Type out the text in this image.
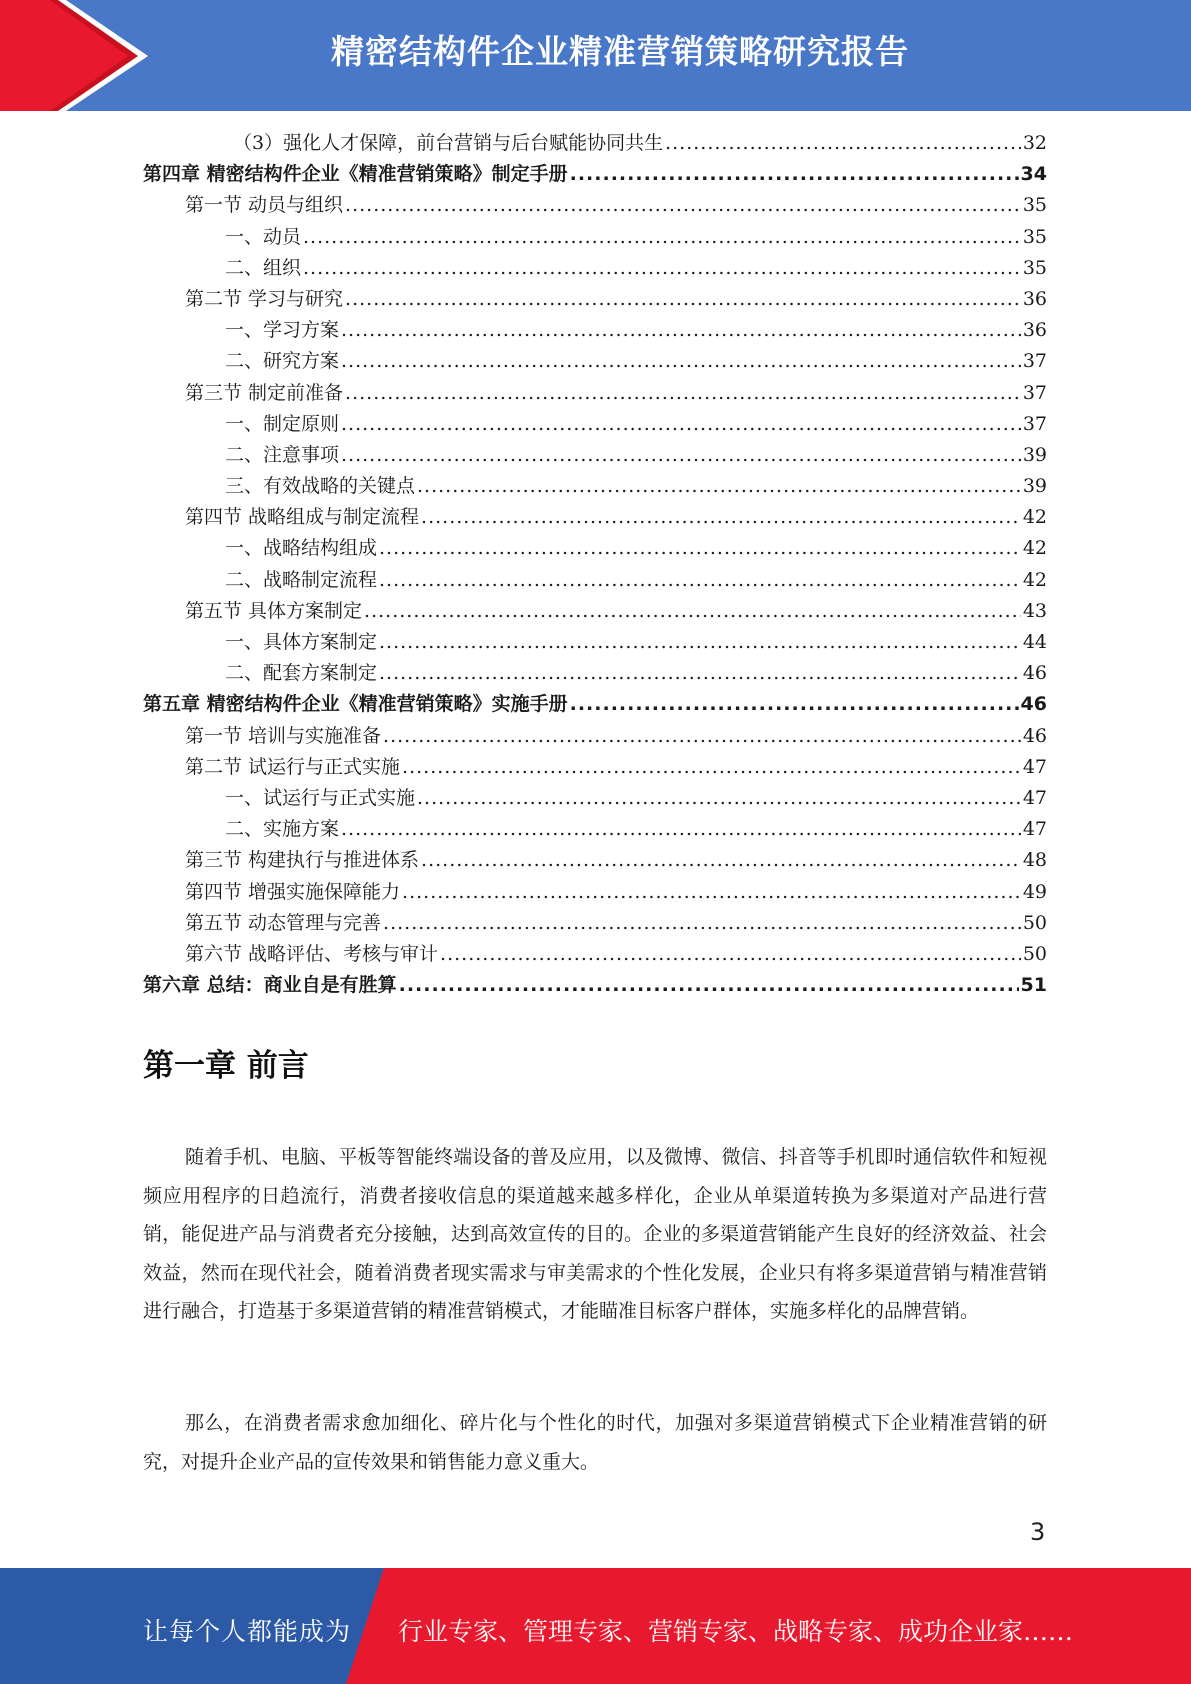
精密结构件企业精准营销策略研究报告
（3）强化人才保障，前台营销与后台赋能协同共生 .....	32
第四章 精密结构件企业《精准营销策略》制定手册 .....	34
第一节 动员与组织 .....	35
一、动员 .....	35
二、组织 .....	35
第二节 学习与研究 .....	36
一、学习方案 .....	36
二、研究方案 .....	37
第三节 制定前准备 .....	37
一、制定原则 .....	37
二、注意事项 .....	39
三、有效战略的关键点 .....	39
第四节 战略组成与制定流程 .....	42
一、战略结构组成 .....	42
二、战略制定流程 .....	42
第五节 具体方案制定 .....	43
一、具体方案制定 .....	44
二、配套方案制定 .....	46
第五章 精密结构件企业《精准营销策略》实施手册 .....	46
第一节 培训与实施准备 .....	46
第二节 试运行与正式实施 .....	47
一、试运行与正式实施 .....	47
二、实施方案 .....	47
第三节 构建执行与推进体系 .....	48
第四节 增强实施保障能力 .....	49
第五节 动态管理与完善 .....	50
第六节 战略评估、考核与审计 .....	50
第六章 总结：商业自是有胜算 .....	51
第一章 前言

随着手机、电脑、平板等智能终端设备的普及应用，以及微博、微信、抖音等手机即时通信软件和短视频应用程序的日趋流行，消费者接收信息的渠道越来越多样化，企业从单渠道转换为多渠道对产品进行营销，能促进产品与消费者充分接触，达到高效宣传的目的。企业的多渠道营销能产生良好的经济效益、社会效益，然而在现代社会，随着消费者现实需求与审美需求的个性化发展，企业只有将多渠道营销与精准营销进行融合，打造基于多渠道营销的精准营销模式，才能瞄准目标客户群体，实施多样化的品牌营销。

那么，在消费者需求愈加细化、碎片化与个性化的时代，加强对多渠道营销模式下企业精准营销的研究，对提升企业产品的宣传效果和销售能力意义重大。

3
让每个人都能成为 行业专家、管理专家、营销专家、战略专家、成功企业家……
